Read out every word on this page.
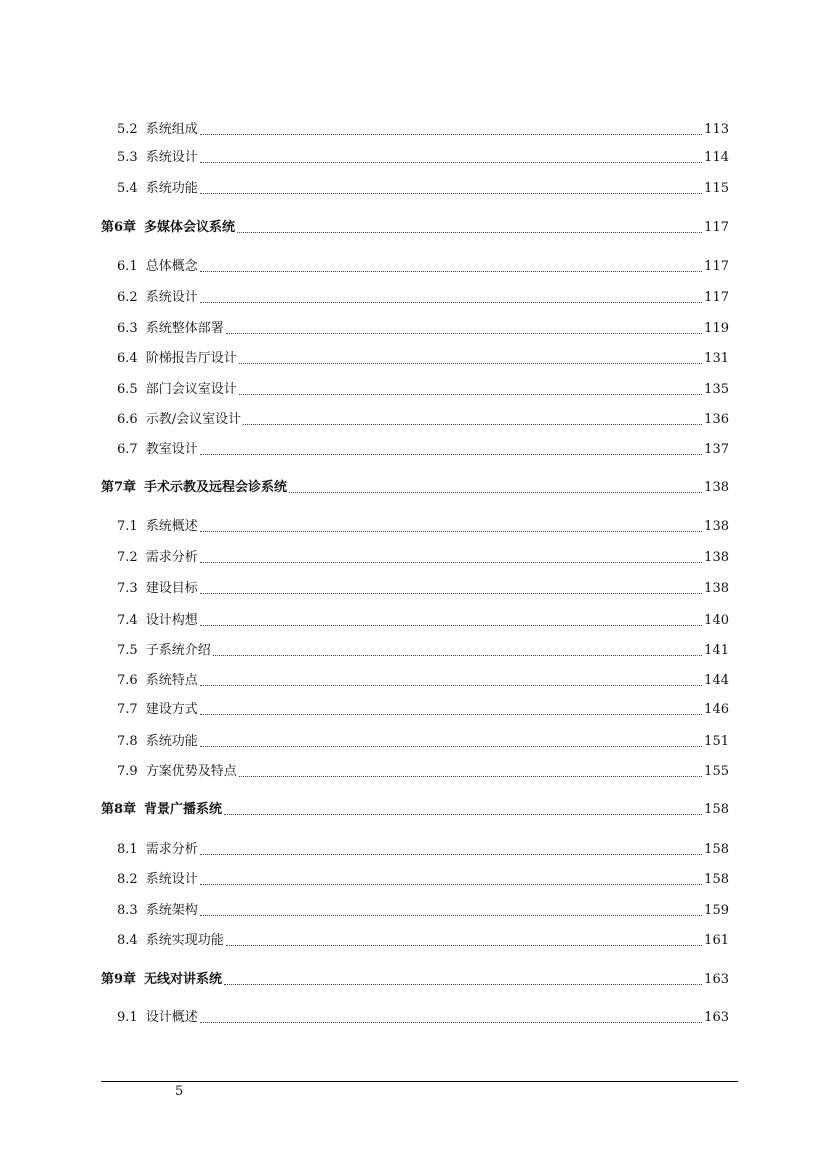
5.2 系统组成	113
5.3 系统设计	114
5.4 系统功能	115
第6章 多媒体会议系统	117
6.1 总体概念	117
6.2 系统设计	117
6.3 系统整体部署	119
6.4 阶梯报告厅设计	131
6.5 部门会议室设计	135
6.6 示教/会议室设计	136
6.7 教室设计	137
第7章 手术示教及远程会诊系统	138
7.1 系统概述	138
7.2 需求分析	138
7.3 建设目标	138
7.4 设计构想	140
7.5 子系统介绍	141
7.6 系统特点	144
7.7 建设方式	146
7.8 系统功能	151
7.9 方案优势及特点	155
第8章 背景广播系统	158
8.1 需求分析	158
8.2 系统设计	158
8.3 系统架构	159
8.4 系统实现功能	161
第9章 无线对讲系统	163
9.1 设计概述	163
5
